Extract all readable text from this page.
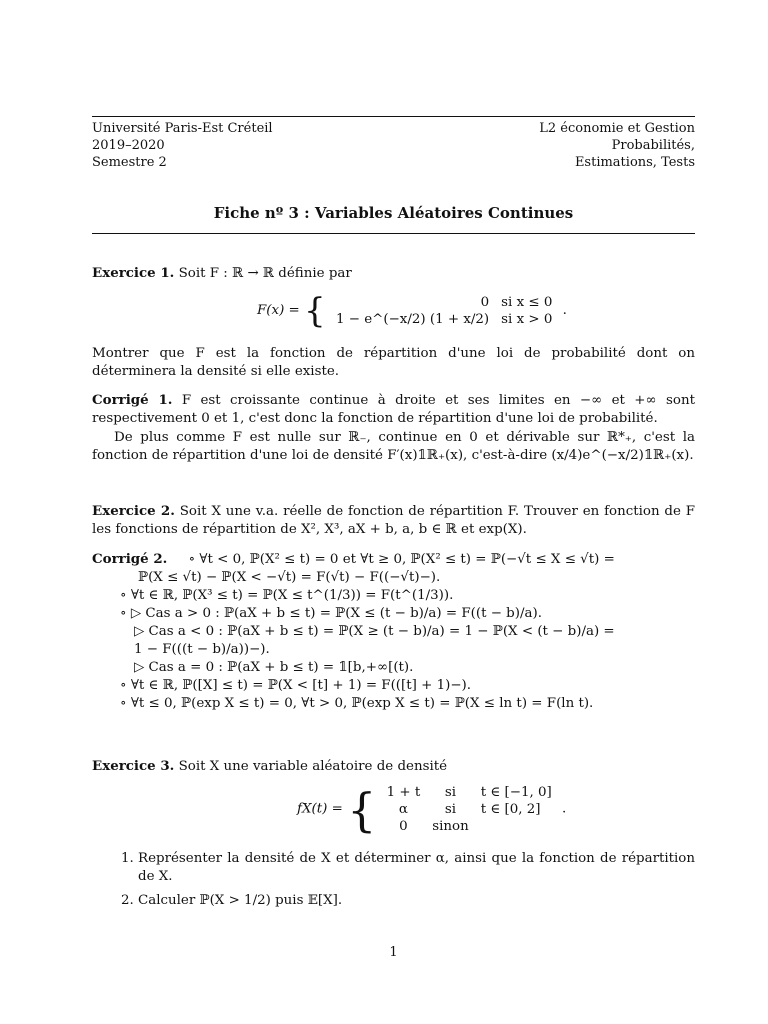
Université Paris-Est Créteil
2019–2020
Semestre 2
L2 économie et Gestion
Probabilités,
Estimations, Tests
Fiche nº 3 : Variables Aléatoires Continues
Exercice 1. Soit F : ℝ → ℝ définie par
F(x) = {	0	si x ≤ 0
1 − e^(−x/2) (1 + x/2)	si x > 0 .
Montrer que F est la fonction de répartition d'une loi de probabilité dont on déterminera la densité si elle existe.
Corrigé 1. F est croissante continue à droite et ses limites en −∞ et +∞ sont respectivement 0 et 1, c'est donc la fonction de répartition d'une loi de probabilité.
De plus comme F est nulle sur ℝ₋, continue en 0 et dérivable sur ℝ*₊, c'est la fonction de répartition d'une loi de densité F′(x)𝟙ℝ₊(x), c'est-à-dire (x/4)e^(−x/2)𝟙ℝ₊(x).
Exercice 2. Soit X une v.a. réelle de fonction de répartition F. Trouver en fonction de F les fonctions de répartition de X², X³, aX + b, a, b ∈ ℝ et exp(X).
Corrigé 2. ∘ ∀t < 0, ℙ(X² ≤ t) = 0 et ∀t ≥ 0, ℙ(X² ≤ t) = ℙ(−√t ≤ X ≤ √t) =
ℙ(X ≤ √t) − ℙ(X < −√t) = F(√t) − F((−√t)−).
∘ ∀t ∈ ℝ, ℙ(X³ ≤ t) = ℙ(X ≤ t^(1/3)) = F(t^(1/3)).
∘ ▷ Cas a > 0 : ℙ(aX + b ≤ t) = ℙ(X ≤ (t − b)/a) = F((t − b)/a).
▷ Cas a < 0 : ℙ(aX + b ≤ t) = ℙ(X ≥ (t − b)/a) = 1 − ℙ(X < (t − b)/a) =
1 − F(((t − b)/a))−).
▷ Cas a = 0 : ℙ(aX + b ≤ t) = 𝟙[b,+∞[(t).
∘ ∀t ∈ ℝ, ℙ([X] ≤ t) = ℙ(X < [t] + 1) = F(([t] + 1)−).
∘ ∀t ≤ 0, ℙ(exp X ≤ t) = 0, ∀t > 0, ℙ(exp X ≤ t) = ℙ(X ≤ ln t) = F(ln t).
Exercice 3. Soit X une variable aléatoire de densité
fX(t) = { 1 + t	si	t ∈ [−1, 0]
α	si	t ∈ [0, 2]
0	sinon	.
1. Représenter la densité de X et déterminer α, ainsi que la fonction de répartition de X.
2. Calculer ℙ(X > 1/2) puis 𝔼[X].
1
